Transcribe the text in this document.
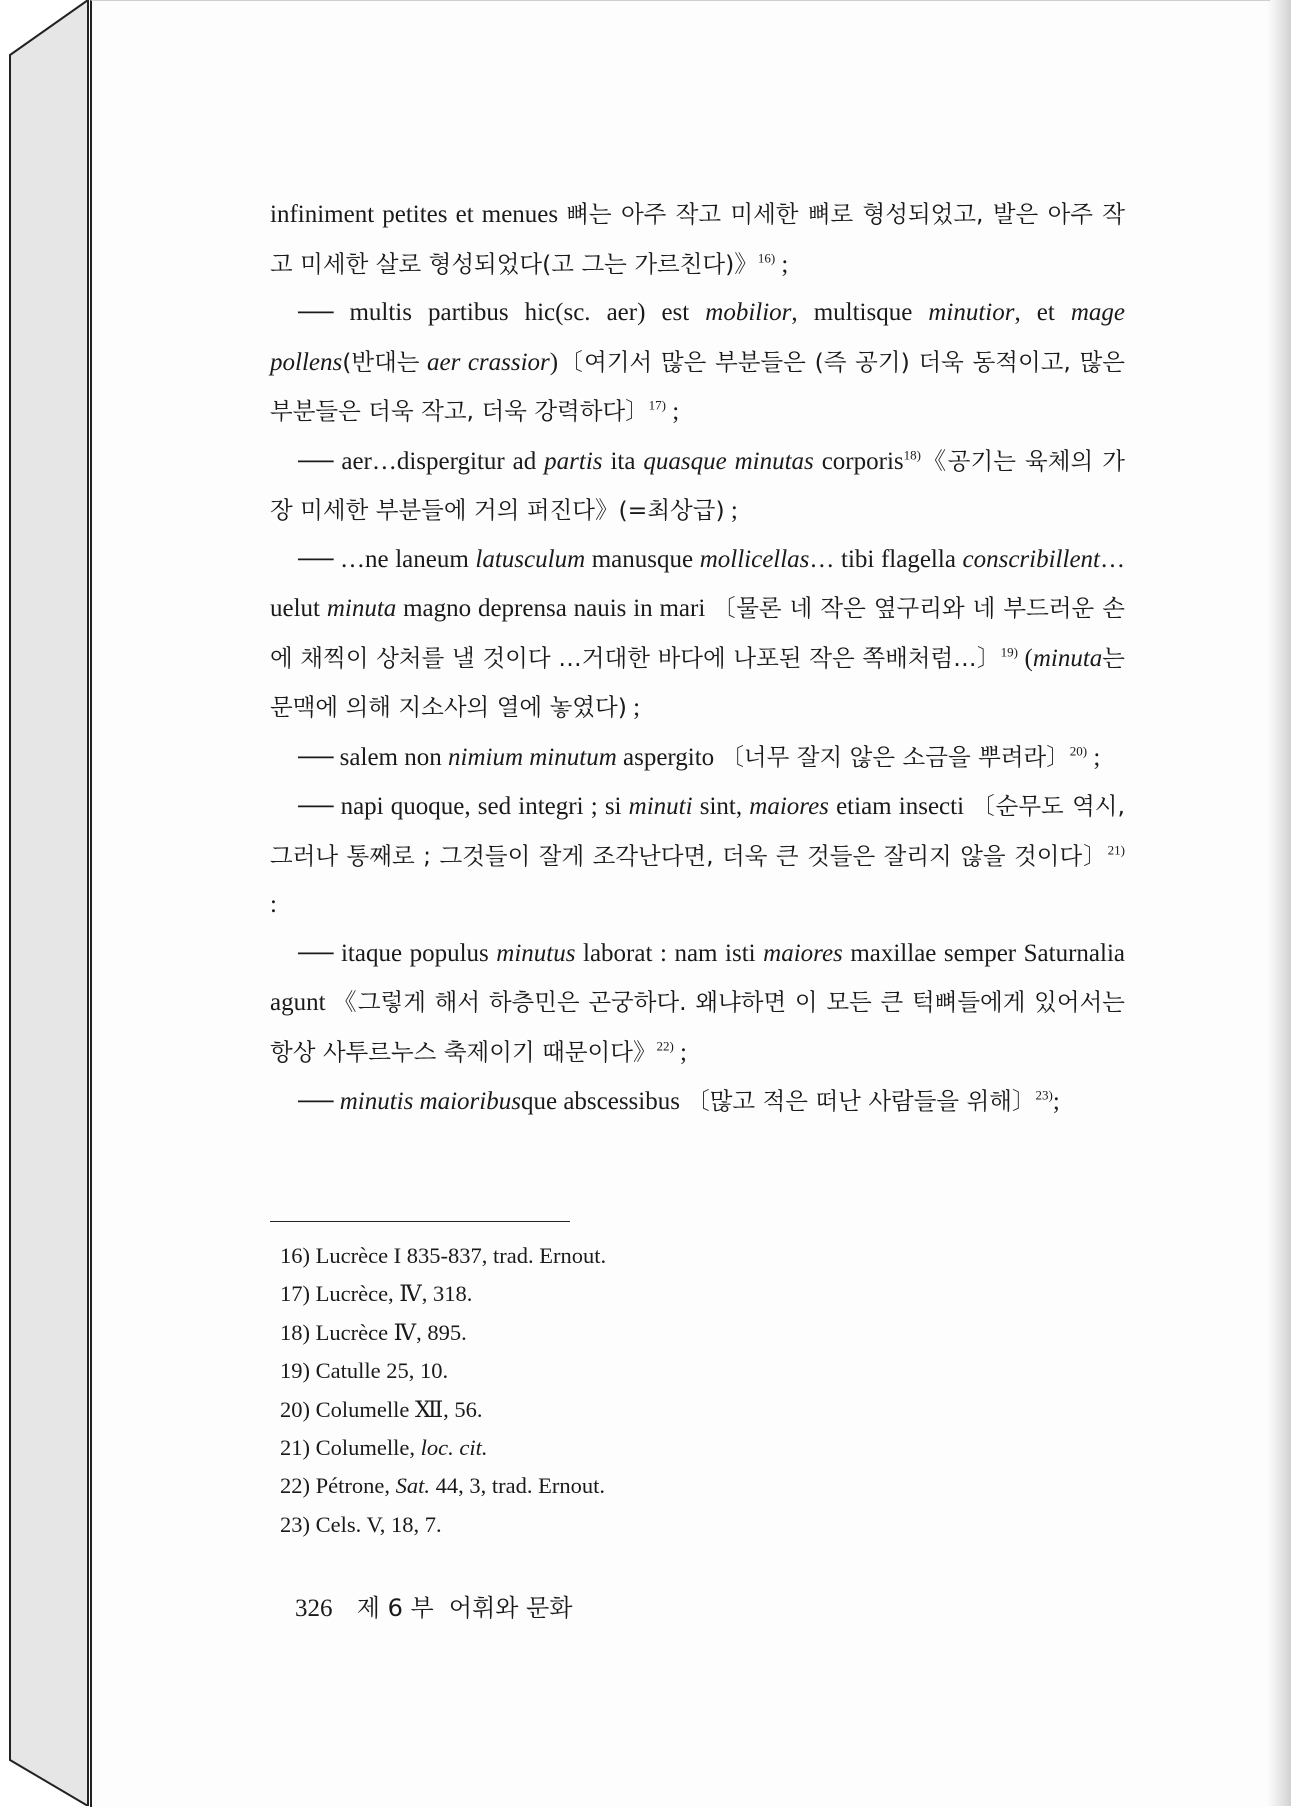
infiniment petites et menues 뼈는 아주 작고 미세한 뼈로 형성되었고, 발은 아주 작고 미세한 살로 형성되었다(고 그는 가르친다)》$^{16)}$ ;

── multis partibus hic(sc. aer) est mobilior, multisque minutior, et mage pollens(반대는 aer crassior)〔여기서 많은 부분들은 (즉 공기) 더욱 동적이고, 많은 부분들은 더욱 작고, 더욱 강력하다〕$^{17)}$ ;

── aer…dispergitur ad partis ita quasque minutas corporis$^{18)}$《공기는 육체의 가장 미세한 부분들에 거의 퍼진다》(=최상급) ;

── …ne laneum latusculum manusque mollicellas… tibi flagella conscribillent…uelut minuta magno deprensa nauis in mari 〔물론 네 작은 옆구리와 네 부드러운 손에 채찍이 상처를 낼 것이다 …거대한 바다에 나포된 작은 쪽배처럼…〕$^{19)}$ (minuta는 문맥에 의해 지소사의 열에 놓였다) ;

── salem non nimium minutum aspergito 〔너무 잘지 않은 소금을 뿌려라〕$^{20)}$ ;

── napi quoque, sed integri ; si minuti sint, maiores etiam insecti 〔순무도 역시, 그러나 통째로 ; 그것들이 잘게 조각난다면, 더욱 큰 것들은 잘리지 않을 것이다〕$^{21)}$ :

── itaque populus minutus laborat : nam isti maiores maxillae semper Saturnalia agunt 《그렇게 해서 하층민은 곤궁하다. 왜냐하면 이 모든 큰 턱뼈들에게 있어서는 항상 사투르누스 축제이기 때문이다》$^{22)}$ ;

── minutis maioribusque abscessibus 〔많고 적은 떠난 사람들을 위해〕$^{23)}$;

16) Lucrèce I 835-837, trad. Ernout.

17) Lucrèce, Ⅳ, 318.

18) Lucrèce Ⅳ, 895.

19) Catulle 25, 10.

20) Columelle Ⅻ, 56.

21) Columelle, loc. cit.

22) Pétrone, Sat. 44, 3, trad. Ernout.

23) Cels. V, 18, 7.

326 제 6 부  어휘와 문화
